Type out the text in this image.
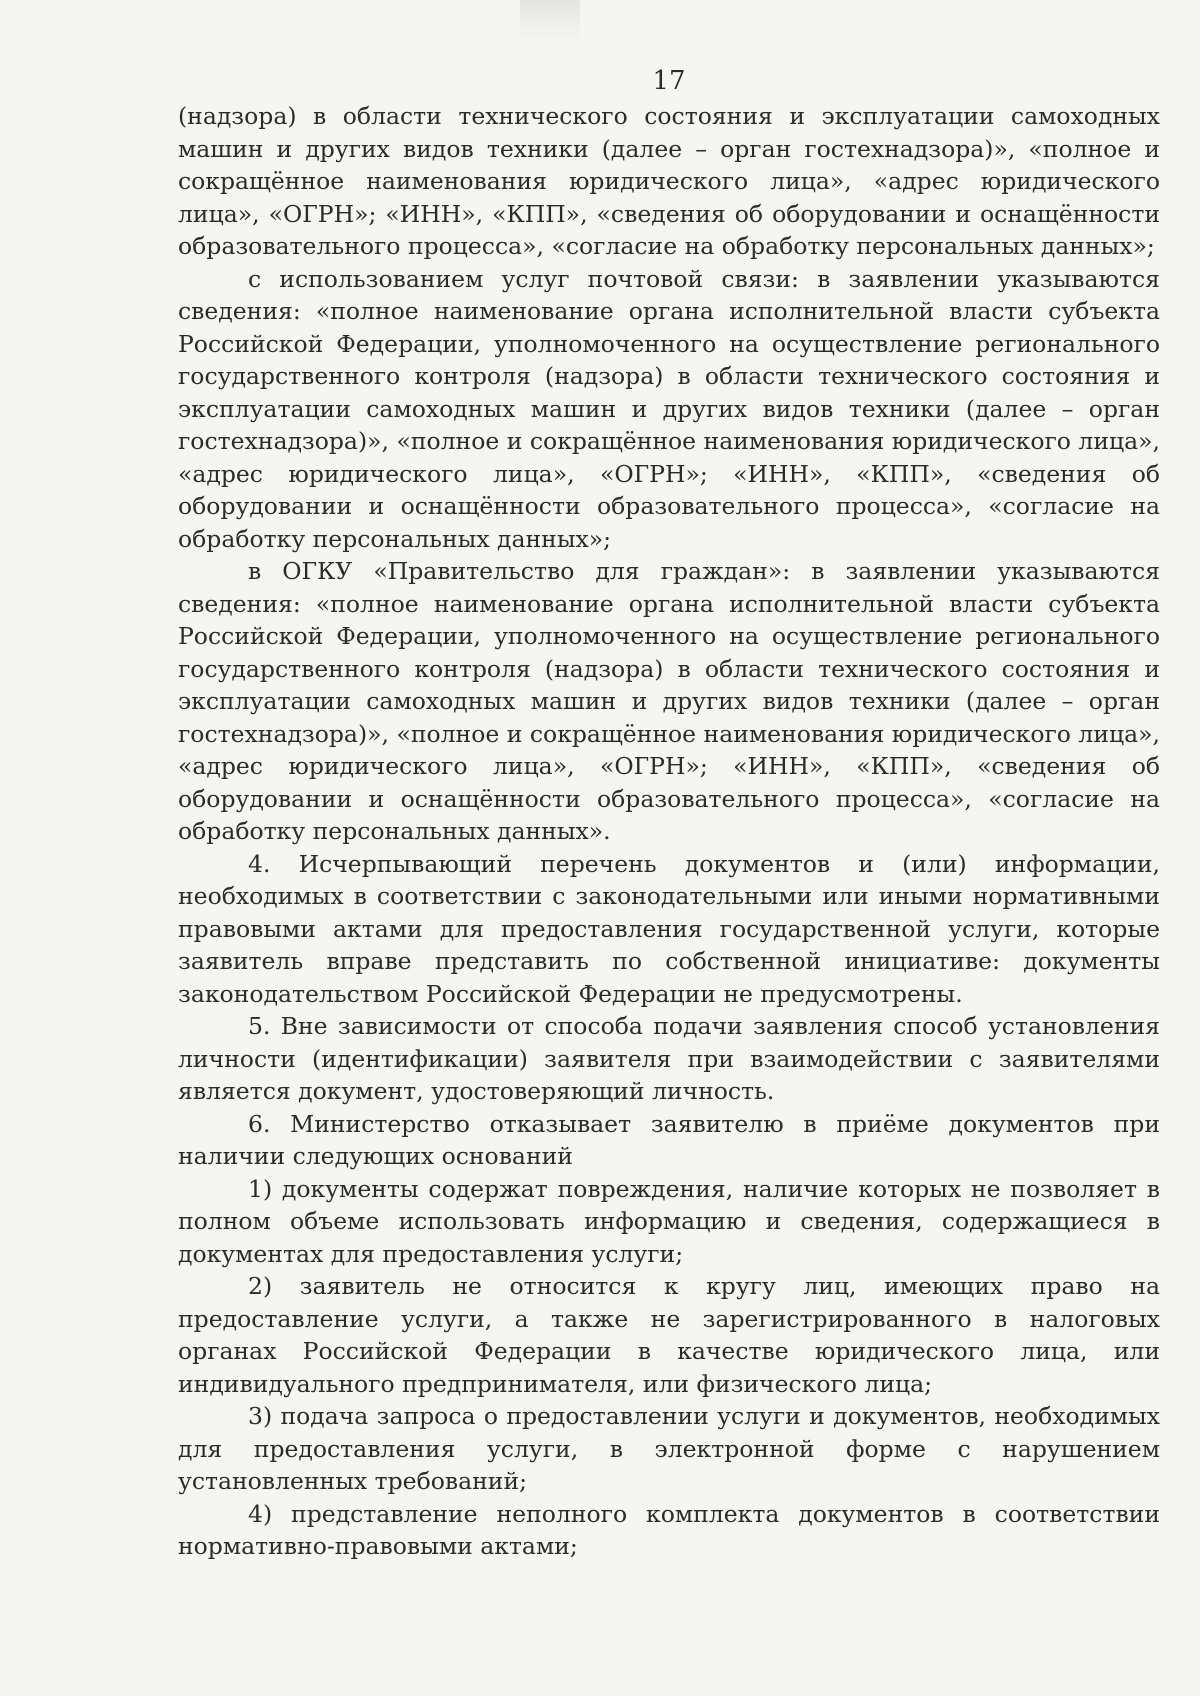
17

(надзора) в области технического состояния и эксплуатации самоходных машин и других видов техники (далее – орган гостехнадзора)», «полное и сокращённое наименования юридического лица», «адрес юридического лица», «ОГРН»; «ИНН», «КПП», «сведения об оборудовании и оснащённости образовательного процесса», «согласие на обработку персональных данных»;

с использованием услуг почтовой связи: в заявлении указываются сведения: «полное наименование органа исполнительной власти субъекта Российской Федерации, уполномоченного на осуществление регионального государственного контроля (надзора) в области технического состояния и эксплуатации самоходных машин и других видов техники (далее – орган гостехнадзора)», «полное и сокращённое наименования юридического лица», «адрес юридического лица», «ОГРН»; «ИНН», «КПП», «сведения об оборудовании и оснащённости образовательного процесса», «согласие на обработку персональных данных»;

в ОГКУ «Правительство для граждан»: в заявлении указываются сведения: «полное наименование органа исполнительной власти субъекта Российской Федерации, уполномоченного на осуществление регионального государственного контроля (надзора) в области технического состояния и эксплуатации самоходных машин и других видов техники (далее – орган гостехнадзора)», «полное и сокращённое наименования юридического лица», «адрес юридического лица», «ОГРН»; «ИНН», «КПП», «сведения об оборудовании и оснащённости образовательного процесса», «согласие на обработку персональных данных».

4. Исчерпывающий перечень документов и (или) информации, необходимых в соответствии с законодательными или иными нормативными правовыми актами для предоставления государственной услуги, которые заявитель вправе представить по собственной инициативе: документы законодательством Российской Федерации не предусмотрены.

5. Вне зависимости от способа подачи заявления способ установления личности (идентификации) заявителя при взаимодействии с заявителями является документ, удостоверяющий личность.

6. Министерство отказывает заявителю в приёме документов при наличии следующих оснований

1) документы содержат повреждения, наличие которых не позволяет в полном объеме использовать информацию и сведения, содержащиеся в документах для предоставления услуги;

2) заявитель не относится к кругу лиц, имеющих право на предоставление услуги, а также не зарегистрированного в налоговых органах Российской Федерации в качестве юридического лица, или индивидуального предпринимателя, или физического лица;

3) подача запроса о предоставлении услуги и документов, необходимых для предоставления услуги, в электронной форме с нарушением установленных требований;

4) представление неполного комплекта документов в соответствии нормативно-правовыми актами;
